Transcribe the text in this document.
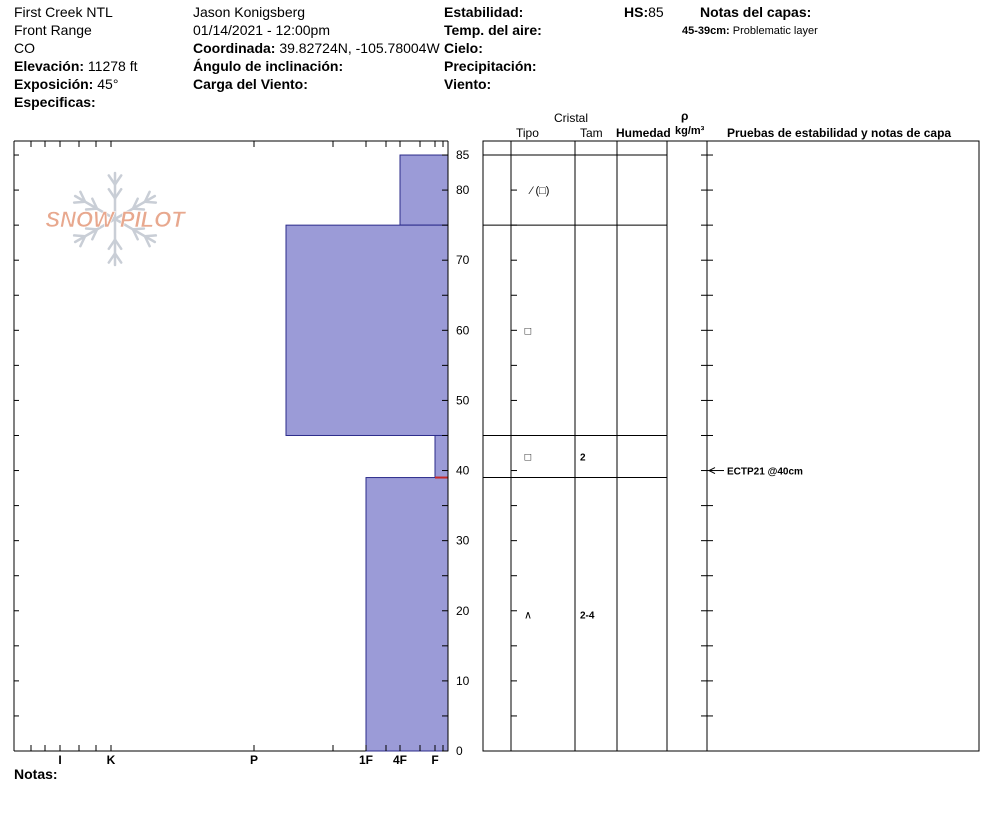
First Creek NTL
Front Range
CO
Elevación: 11278 ft
Exposición: 45°
Especificas:
Jason Konigsberg
01/14/2021 - 12:00pm
Coordinada: 39.82724N, -105.78004W
Ángulo de inclinación:
Carga del Viento:
Estabilidad:
Temp. del aire:
Cielo:
Precipitación:
Viento:
HS:85	Notas del capas:
45-39cm: Problematic layer
Cristal
Tipo	Tam Humedad
ρ
kg/m³ Pruebas de estabilidad y notas de capa
Notas:
SNOW PILOT
0
10
20
30
40
50
60
70
80
85
I	K	P	1F 4F F
⁄ (□)
□
□	2
∧	2-4
ECTP21 @40cm
